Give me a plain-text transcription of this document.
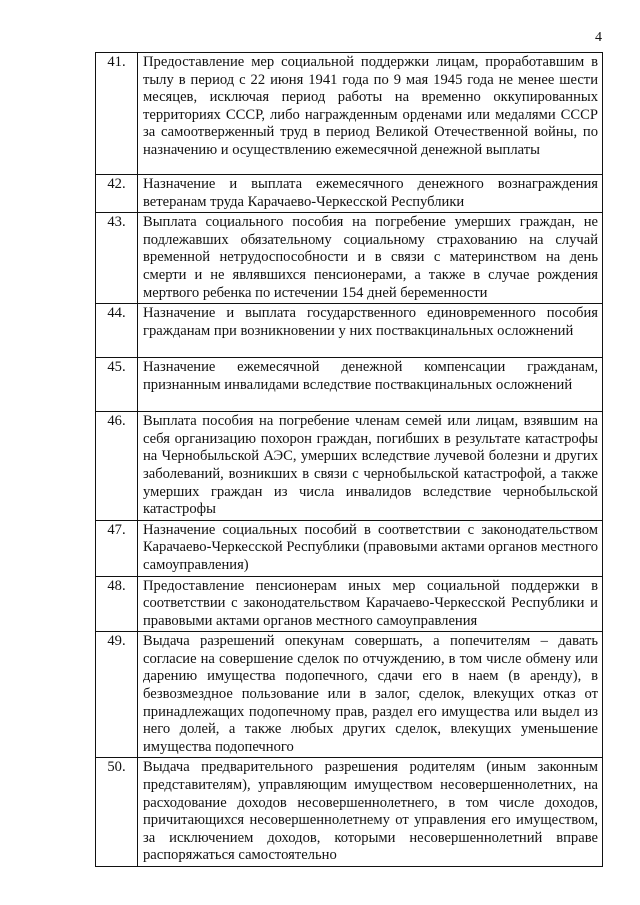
4
41.	Предоставление мер социальной поддержки лицам, проработавшим в тылу в период с 22 июня 1941 года по 9 мая 1945 года не менее шести месяцев, исключая период работы на временно оккупированных территориях СССР, либо награжденным орденами или медалями СССР за самоотверженный труд в период Великой Отечественной войны, по назначению и осуществлению ежемесячной денежной выплаты
42.	Назначение и выплата ежемесячного денежного вознаграждения ветеранам труда Карачаево-Черкесской Республики
43.	Выплата социального пособия на погребение умерших граждан, не подлежавших обязательному социальному страхованию на случай временной нетрудоспособности и в связи с материнством на день смерти и не являвшихся пенсионерами, а также в случае рождения мертвого ребенка по истечении 154 дней беременности
44.	Назначение и выплата государственного единовременного пособия гражданам при возникновении у них поствакцинальных осложнений
45.	Назначение ежемесячной денежной компенсации гражданам, признанным инвалидами вследствие поствакцинальных осложнений
46.	Выплата пособия на погребение членам семей или лицам, взявшим на себя организацию похорон граждан, погибших в результате катастрофы на Чернобыльской АЭС, умерших вследствие лучевой болезни и других заболеваний, возникших в связи с чернобыльской катастрофой, а также умерших граждан из числа инвалидов вследствие чернобыльской катастрофы
47.	Назначение социальных пособий в соответствии с законодательством Карачаево-Черкесской Республики (правовыми актами органов местного самоуправления)
48.	Предоставление пенсионерам иных мер социальной поддержки в соответствии с законодательством Карачаево-Черкесской Республики и правовыми актами органов местного самоуправления
49.	Выдача разрешений опекунам совершать, а попечителям – давать согласие на совершение сделок по отчуждению, в том числе обмену или дарению имущества подопечного, сдачи его в наем (в аренду), в безвозмездное пользование или в залог, сделок, влекущих отказ от принадлежащих подопечному прав, раздел его имущества или выдел из него долей, а также любых других сделок, влекущих уменьшение имущества подопечного
50.	Выдача предварительного разрешения родителям (иным законным представителям), управляющим имуществом несовершеннолетних, на расходование доходов несовершеннолетнего, в том числе доходов, причитающихся несовершеннолетнему от управления его имуществом, за исключением доходов, которыми несовершеннолетний вправе распоряжаться самостоятельно
